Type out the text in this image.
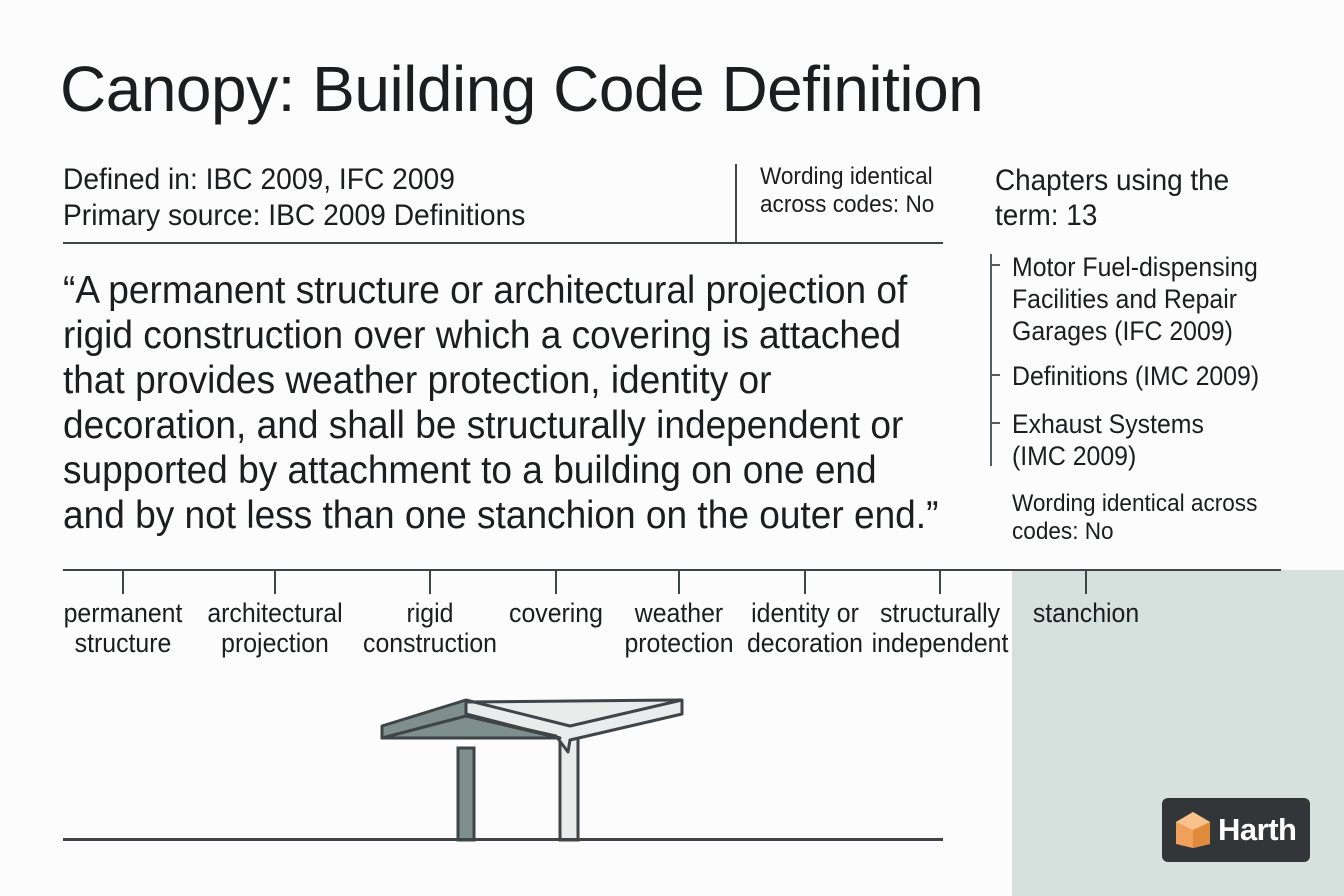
Canopy: Building Code Definition
Defined in: IBC 2009, IFC 2009
Primary source: IBC 2009 Definitions
Wording identical
across codes: No
“A permanent structure or architectural projection of
rigid construction over which a covering is attached
that provides weather protection, identity or
decoration, and shall be structurally independent or
supported by attachment to a building on one end
and by not less than one stanchion on the outer end.”
Chapters using the
term: 13
Motor Fuel-dispensing
Facilities and Repair
Garages (IFC 2009)
Definitions (IMC 2009)
Exhaust Systems
(IMC 2009)
Wording identical across
codes: No
permanent
structure
architectural
projection
rigid
construction
covering	weather
protection
identity or
decoration
structurally
independent
stanchion
Harth
